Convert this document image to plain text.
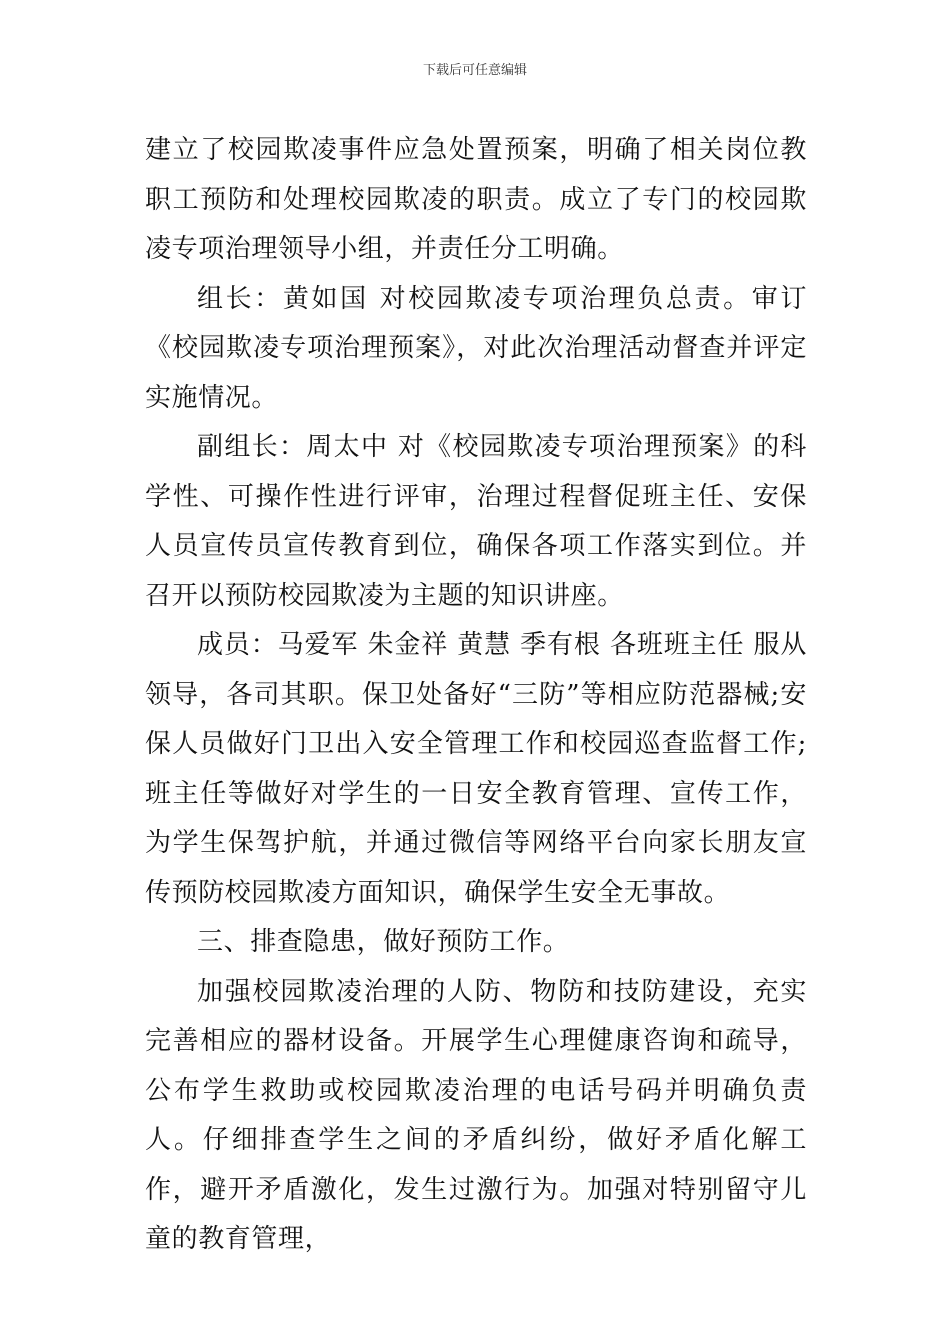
下载后可任意编辑

建立了校园欺凌事件应急处置预案，明确了相关岗位教职工预防和处理校园欺凌的职责。成立了专门的校园欺凌专项治理领导小组，并责任分工明确。

组长：黄如国 对校园欺凌专项治理负总责。审订《校园欺凌专项治理预案》，对此次治理活动督查并评定实施情况。

副组长：周太中 对《校园欺凌专项治理预案》的科学性、可操作性进行评审，治理过程督促班主任、安保人员宣传员宣传教育到位，确保各项工作落实到位。并召开以预防校园欺凌为主题的知识讲座。

成员：马爱军 朱金祥 黄慧 季有根 各班班主任 服从领导，各司其职。保卫处备好“三防”等相应防范器械;安保人员做好门卫出入安全管理工作和校园巡查监督工作;班主任等做好对学生的一日安全教育管理、宣传工作，为学生保驾护航，并通过微信等网络平台向家长朋友宣传预防校园欺凌方面知识，确保学生安全无事故。

三、排查隐患，做好预防工作。

加强校园欺凌治理的人防、物防和技防建设，充实完善相应的器材设备。开展学生心理健康咨询和疏导，公布学生救助或校园欺凌治理的电话号码并明确负责人。仔细排查学生之间的矛盾纠纷，做好矛盾化解工作，避开矛盾激化，发生过激行为。加强对特别留守儿童的教育管理，
